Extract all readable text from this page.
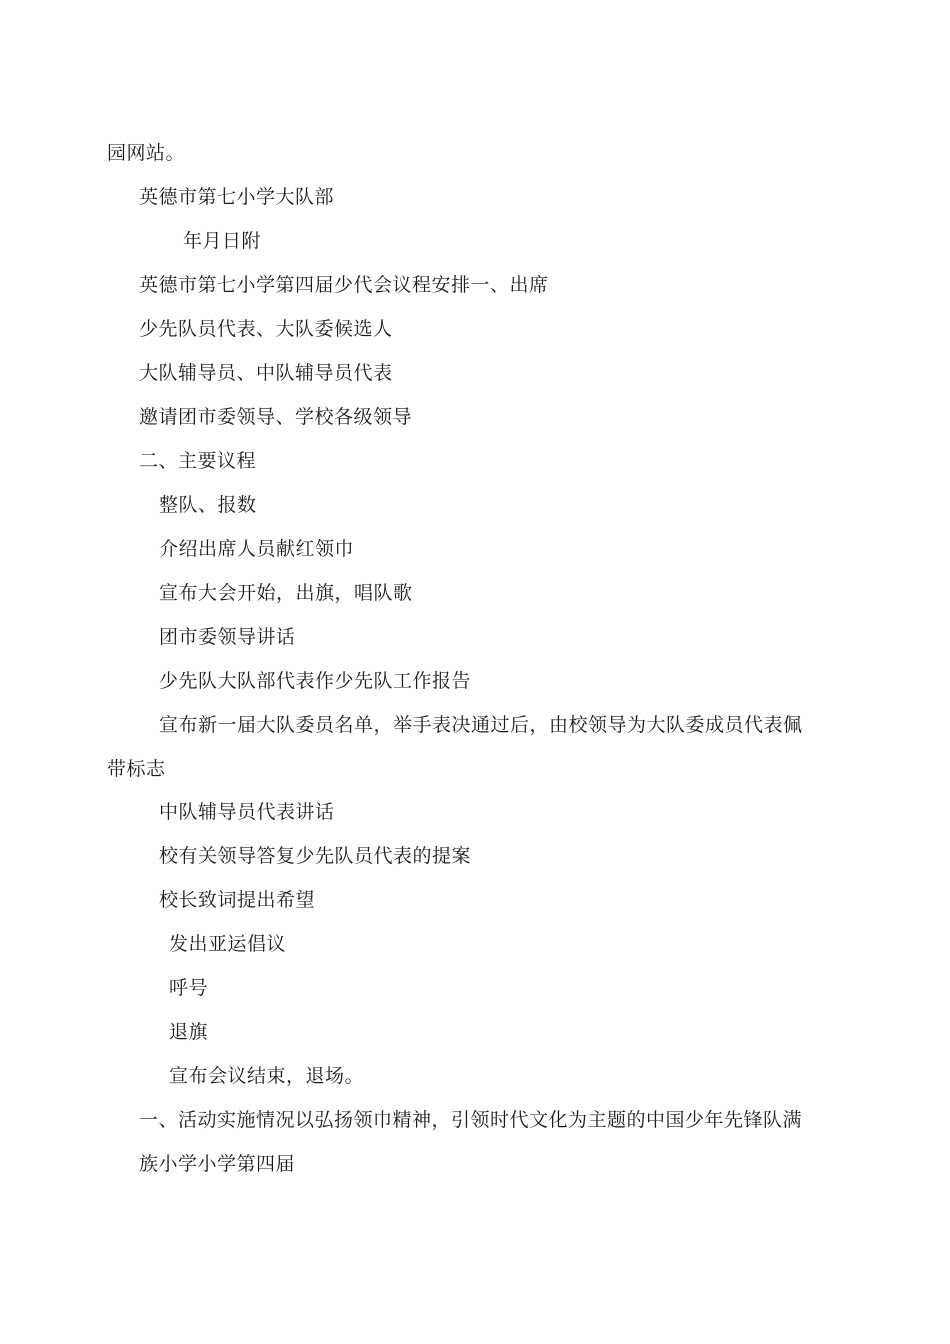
园网站。
英德市第七小学大队部
年月日附
英德市第七小学第四届少代会议程安排一、出席
少先队员代表、大队委候选人
大队辅导员、中队辅导员代表
邀请团市委领导、学校各级领导
二、主要议程
整队、报数
介绍出席人员献红领巾
宣布大会开始，出旗，唱队歌
团市委领导讲话
少先队大队部代表作少先队工作报告
宣布新一届大队委员名单，举手表决通过后，由校领导为大队委成员代表佩
带标志
中队辅导员代表讲话
校有关领导答复少先队员代表的提案
校长致词提出希望
发出亚运倡议
呼号
退旗
宣布会议结束，退场。
一、活动实施情况以弘扬领巾精神，引领时代文化为主题的中国少年先锋队满
族小学小学第四届
